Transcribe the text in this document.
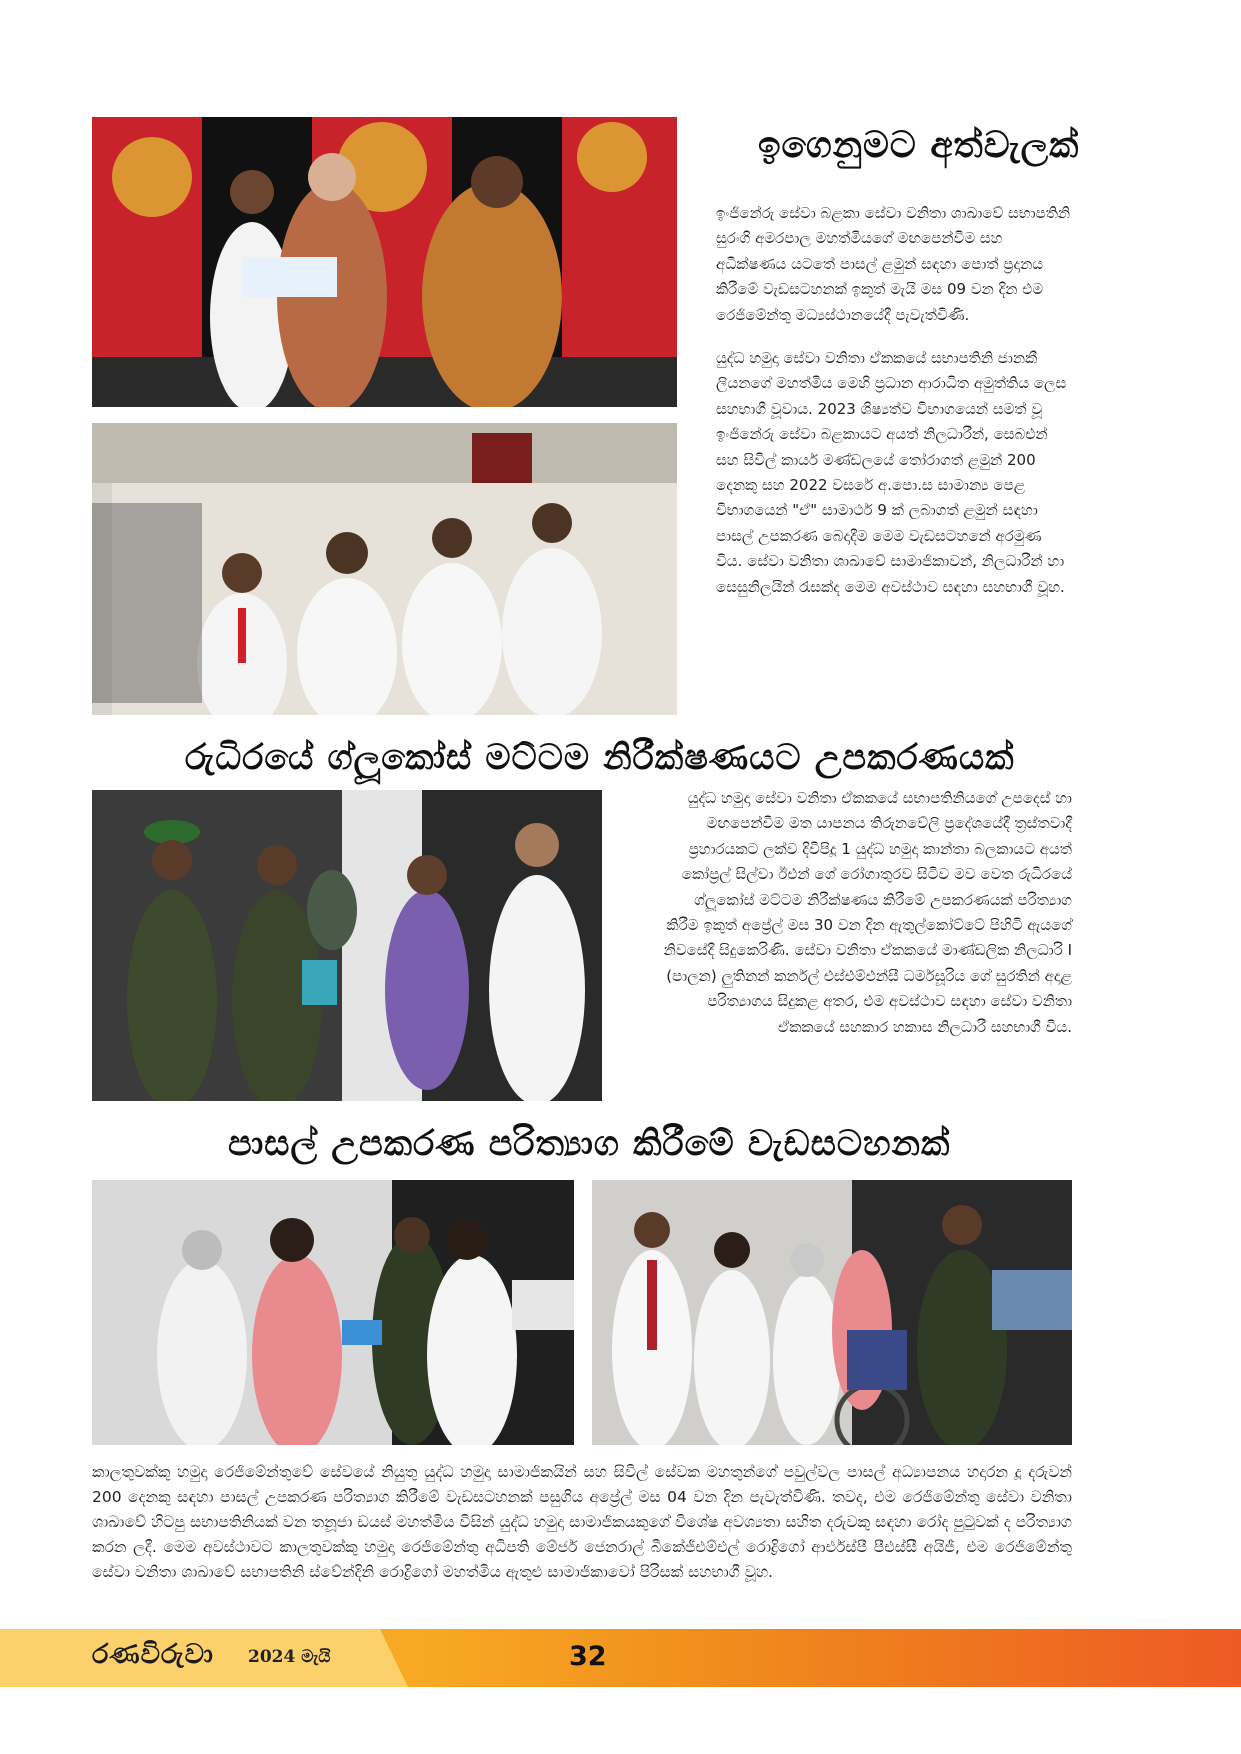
ඉගෙනුමට අත්වැලක්

ඉංජිනේරු සේවා බළකා සේවා වනිතා ශාඛාවේ සභාපතිනි සුරංගි අමරපාල මහත්මියගේ මඟපෙන්වීම සහ අධීක්ෂණය යටතේ පාසල් ළමුන් සඳහා පොත් ප්‍රදානය කිරීමේ වැඩසටහනක් ඉකුත් මැයි මස 09 වන දින එම රෙජිමේන්තු මධ්‍යස්ථානයේදී පැවැත්විණි.

යුද්ධ හමුදා සේවා වනිතා ඒකකයේ සභාපතිනි ජානකී ලියනගේ මහත්මිය මෙහි ප්‍රධාන ආරාධිත අමුත්තිය ලෙස සහභාගී වූවාය. 2023 ශිෂ්‍යත්ව විභාගයෙන් සමත් වූ ඉංජිනේරු සේවා බළකායට අයත් නිලධාරීන්, සෙබළුන් සහ සිවිල් කාර්ය මණ්ඩලයේ තෝරාගත් ළමුන් 200 දෙනකු සහ 2022 වසරේ අ.පො.ස සාමාන්‍ය පෙළ විභාගයෙන් "ඒ" සාමාර්ථ 9 ක් ලබාගත් ළමුන් සඳහා පාසල් උපකරණ බෙදාදීම මෙම වැඩසටහනේ අරමුණ විය. සේවා වනිතා ශාඛාවේ සාමාජිකාවන්, නිලධාරීන් හා සෙසුනිලයින් රැසක්ද මෙම අවස්ථාව සඳහා සහභාගී වූහ.

රුධිරයේ ග්ලූකෝස් මට්ටම නිරීක්ෂණයට උපකරණයක්

යුද්ධ හමුදා සේවා වනිතා ඒකකයේ සභාපතිනියගේ උපදෙස් හා මඟපෙන්වීම මත යාපනය තිරුනවේලි ප්‍රදේශයේදී ත්‍රස්තවාදී ප්‍රහාරයකට ලක්ව දිවිපිදූ 1 යුද්ධ හමුදා කාන්තා බලකායට අයත් කෝප්‍රල් සිල්වා ඊඑන් ගේ රෝගාතුරව සිටිව මව වෙත රුධිරයේ ග්ලූකෝස් මට්ටම නිරීක්ෂණය කිරීමේ උපකරණයක් පරිත්‍යාග කිරීම ඉකුත් අප්‍රේල් මස 30 වන දින ඇතුල්කෝට්ටේ පිහිටි ඇයගේ නිවසේදී සිදුකෙරිණි. සේවා වනිතා ඒකකයේ මාණ්ඩලික නිලධාරි I (පාලන) ලුතිනන් කර්නල් එස්එම්එන්සී ධර්මසූරිය ගේ සුරතින් අදාළ පරිත්‍යාගය සිදුකළ අතර, එම අවස්ථාව සඳහා සේවා වනිතා ඒකකයේ සහකාර හකාස නිලධාරී සහභාගී විය.

පාසල් උපකරණ පරිත්‍යාග කිරීමේ වැඩසටහනක්

කාලතුවක්කු හමුදා රෙජිමේන්තුවේ සේවයේ නියුතු යුද්ධ හමුදා සාමාජිකයින් සහ සිවිල් සේවක මහතුන්ගේ පවුල්වල පාසල් අධ්‍යාපනය හදාරන දූ දරුවන් 200 දෙනකු සඳහා පාසල් උපකරණ පරිත්‍යාග කිරීමේ වැඩසටහනක් පසුගිය අප්‍රේල් මස 04 වන දින පැවැත්විණි. තවද, එම රෙජිමේන්තු සේවා වනිතා ශාඛාවේ හිටපු සභාපතිනියක් වන තනූජා ඩයස් මහත්මිය විසින් යුද්ධ හමුදා සාමාජිකයකුගේ විශේෂ අවශ්‍යතා සහිත දරුවකු සඳහා රෝද පුටුවක් ද පරිත්‍යාග කරන ලදී. මෙම අවස්ථාවට කාලතුවක්කු හමුදා රෙජිමේන්තු අධිපති මේජර් ජෙනරාල් බීකේජීඑම්එල් රොද්‍රිගෝ ආර්එස්පී පීඑස්සී අයිජී, එම රෙජිමේන්තු සේවා වනිතා ශාඛාවේ සභාපතිනි ස්වේන්දිනි රොද්‍රිගෝ මහත්මිය ඇතුළු සාමාජිකාවෝ පිරිසක් සහභාගී වූහ.

රණවිරුවා 2024 මැයි	32
